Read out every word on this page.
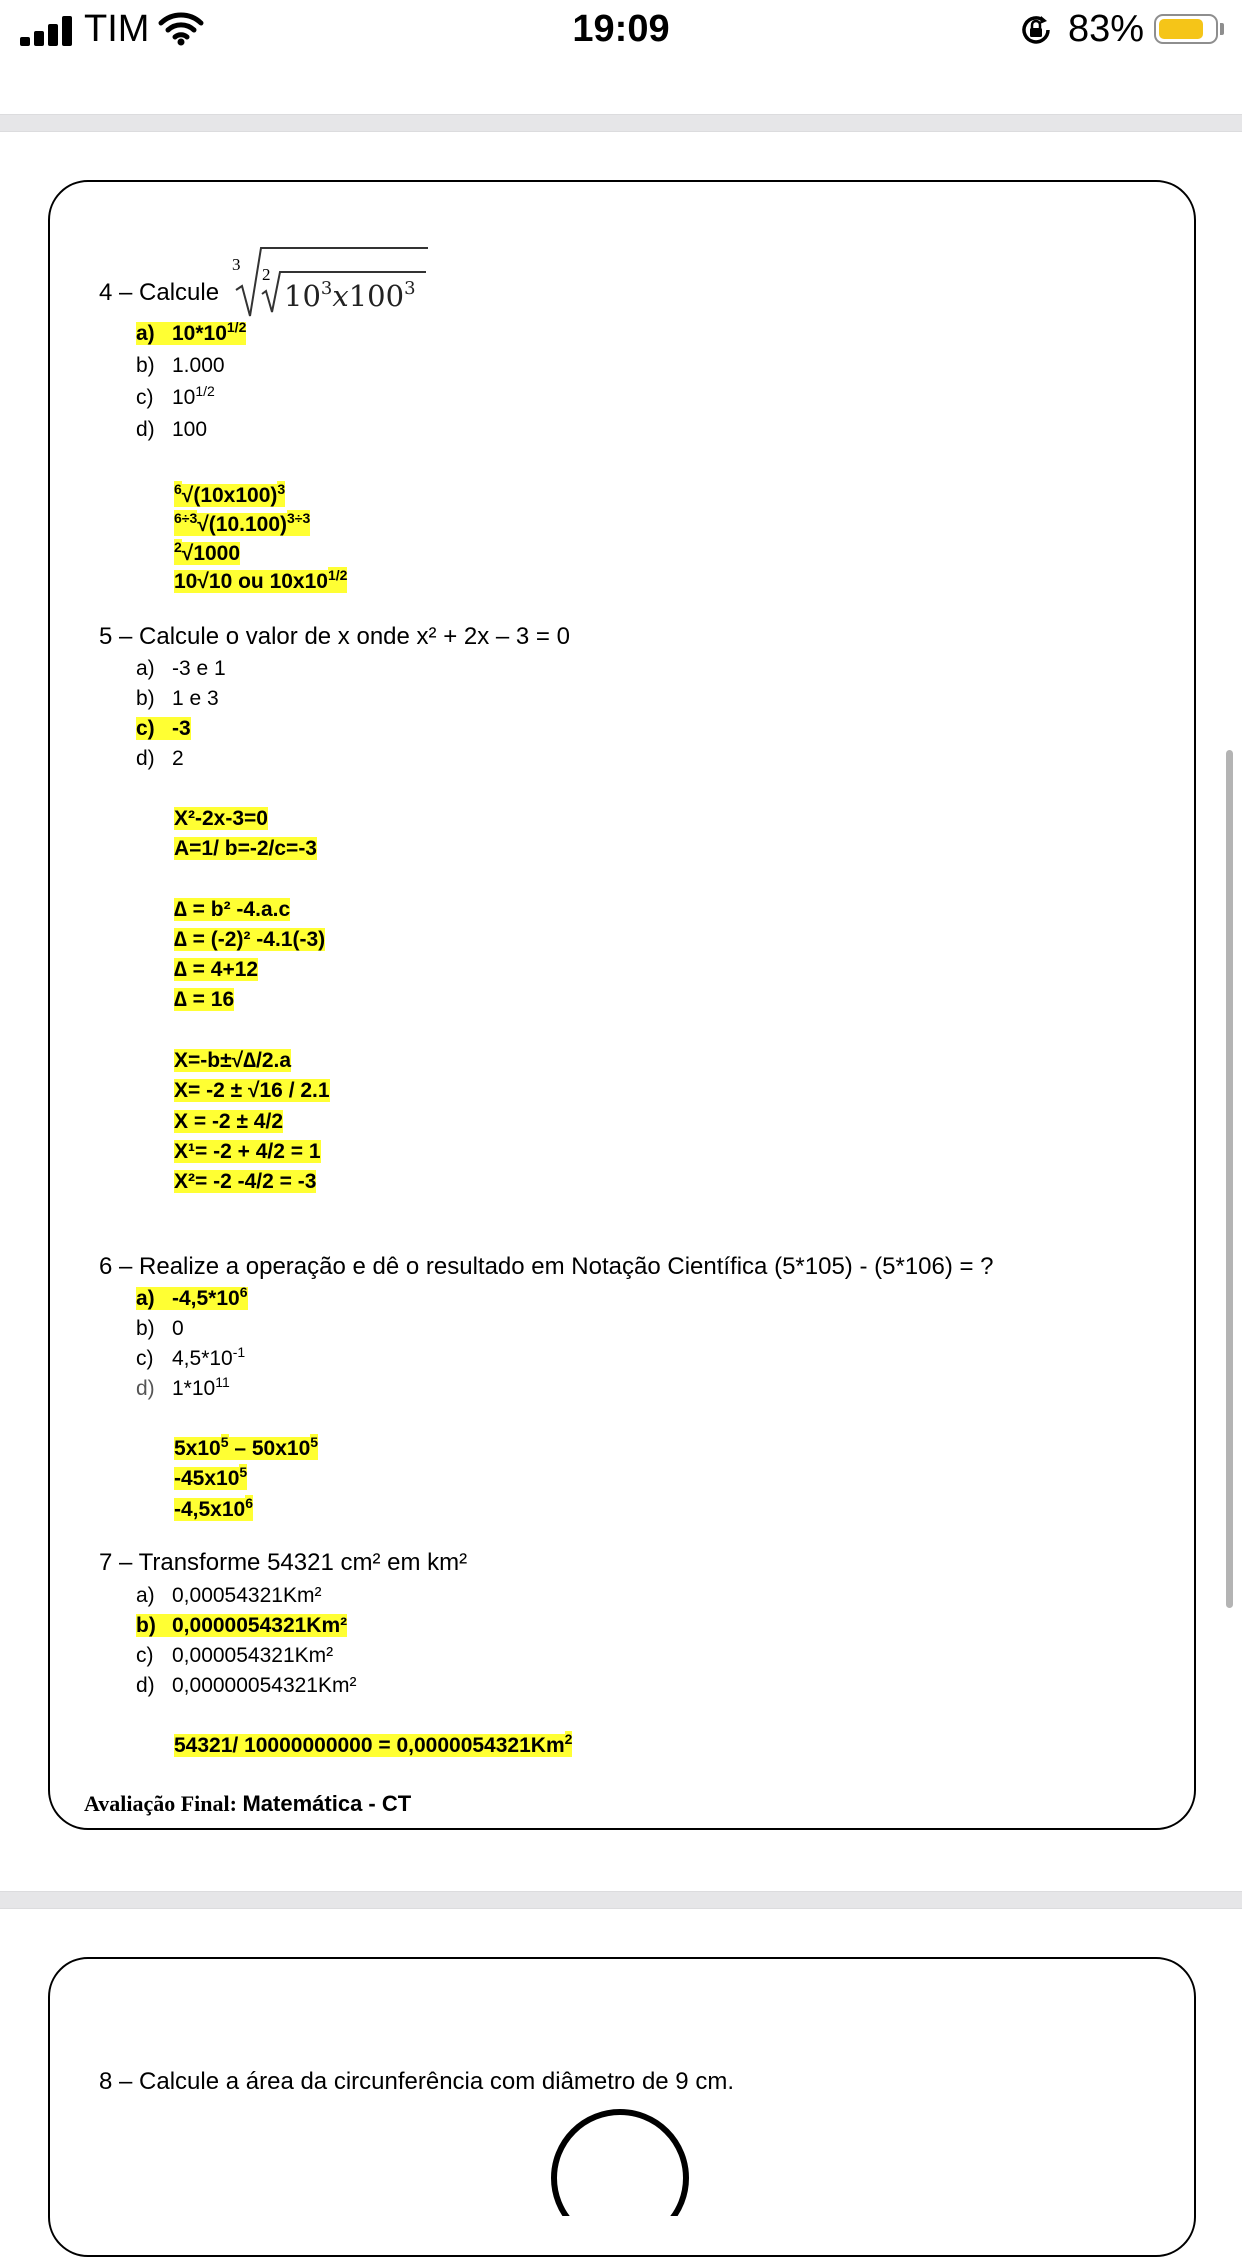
TIM	19:09	83%
4 – Calcule
3
2
$10^3x100^3$
a) $10*10^{1/2}$
b) 1.000
c) $10^{1/2}$
d) 100
$^6√(10x100)^3$
$^{6\div 3}√(10.100)^{3\div 3}$
$^2$√1000
10√10 ou $10x10^{1/2}$
5 – Calcule o valor de x onde x² + 2x – 3 = 0
a) -3 e 1
b) 1 e 3
c) -3
d) 2
X²-2x-3=0
A=1/ b=-2/c=-3
∆ = b² -4.a.c
∆ = (-2)² -4.1(-3)
∆ = 4+12
∆ = 16
X=-b±√∆/2.a
X= -2 ± √16 / 2.1
X = -2 ± 4/2
X¹= -2 + 4/2 = 1
X²= -2 -4/2 = -3
6 – Realize a operação e dê o resultado em Notação Científica (5*105) - (5*106) = ?
a) $-4,5*10^6$
b) 0
c) $4,5*10^{-1}$
d) $1*10^{11}$
$5x10^5 - 50x10^5$
$-45x10^5$
$-4,5x10^6$
7 – Transforme 54321 cm² em km²
a) 0,00054321Km²
b) 0,0000054321Km²
c) 0,000054321Km²
d) 0,00000054321Km²
54321/ $10000000000 = 0,0000054321Km^2$
Avaliação Final: Matemática - CT
8 – Calcule a área da circunferência com diâmetro de 9 cm.
